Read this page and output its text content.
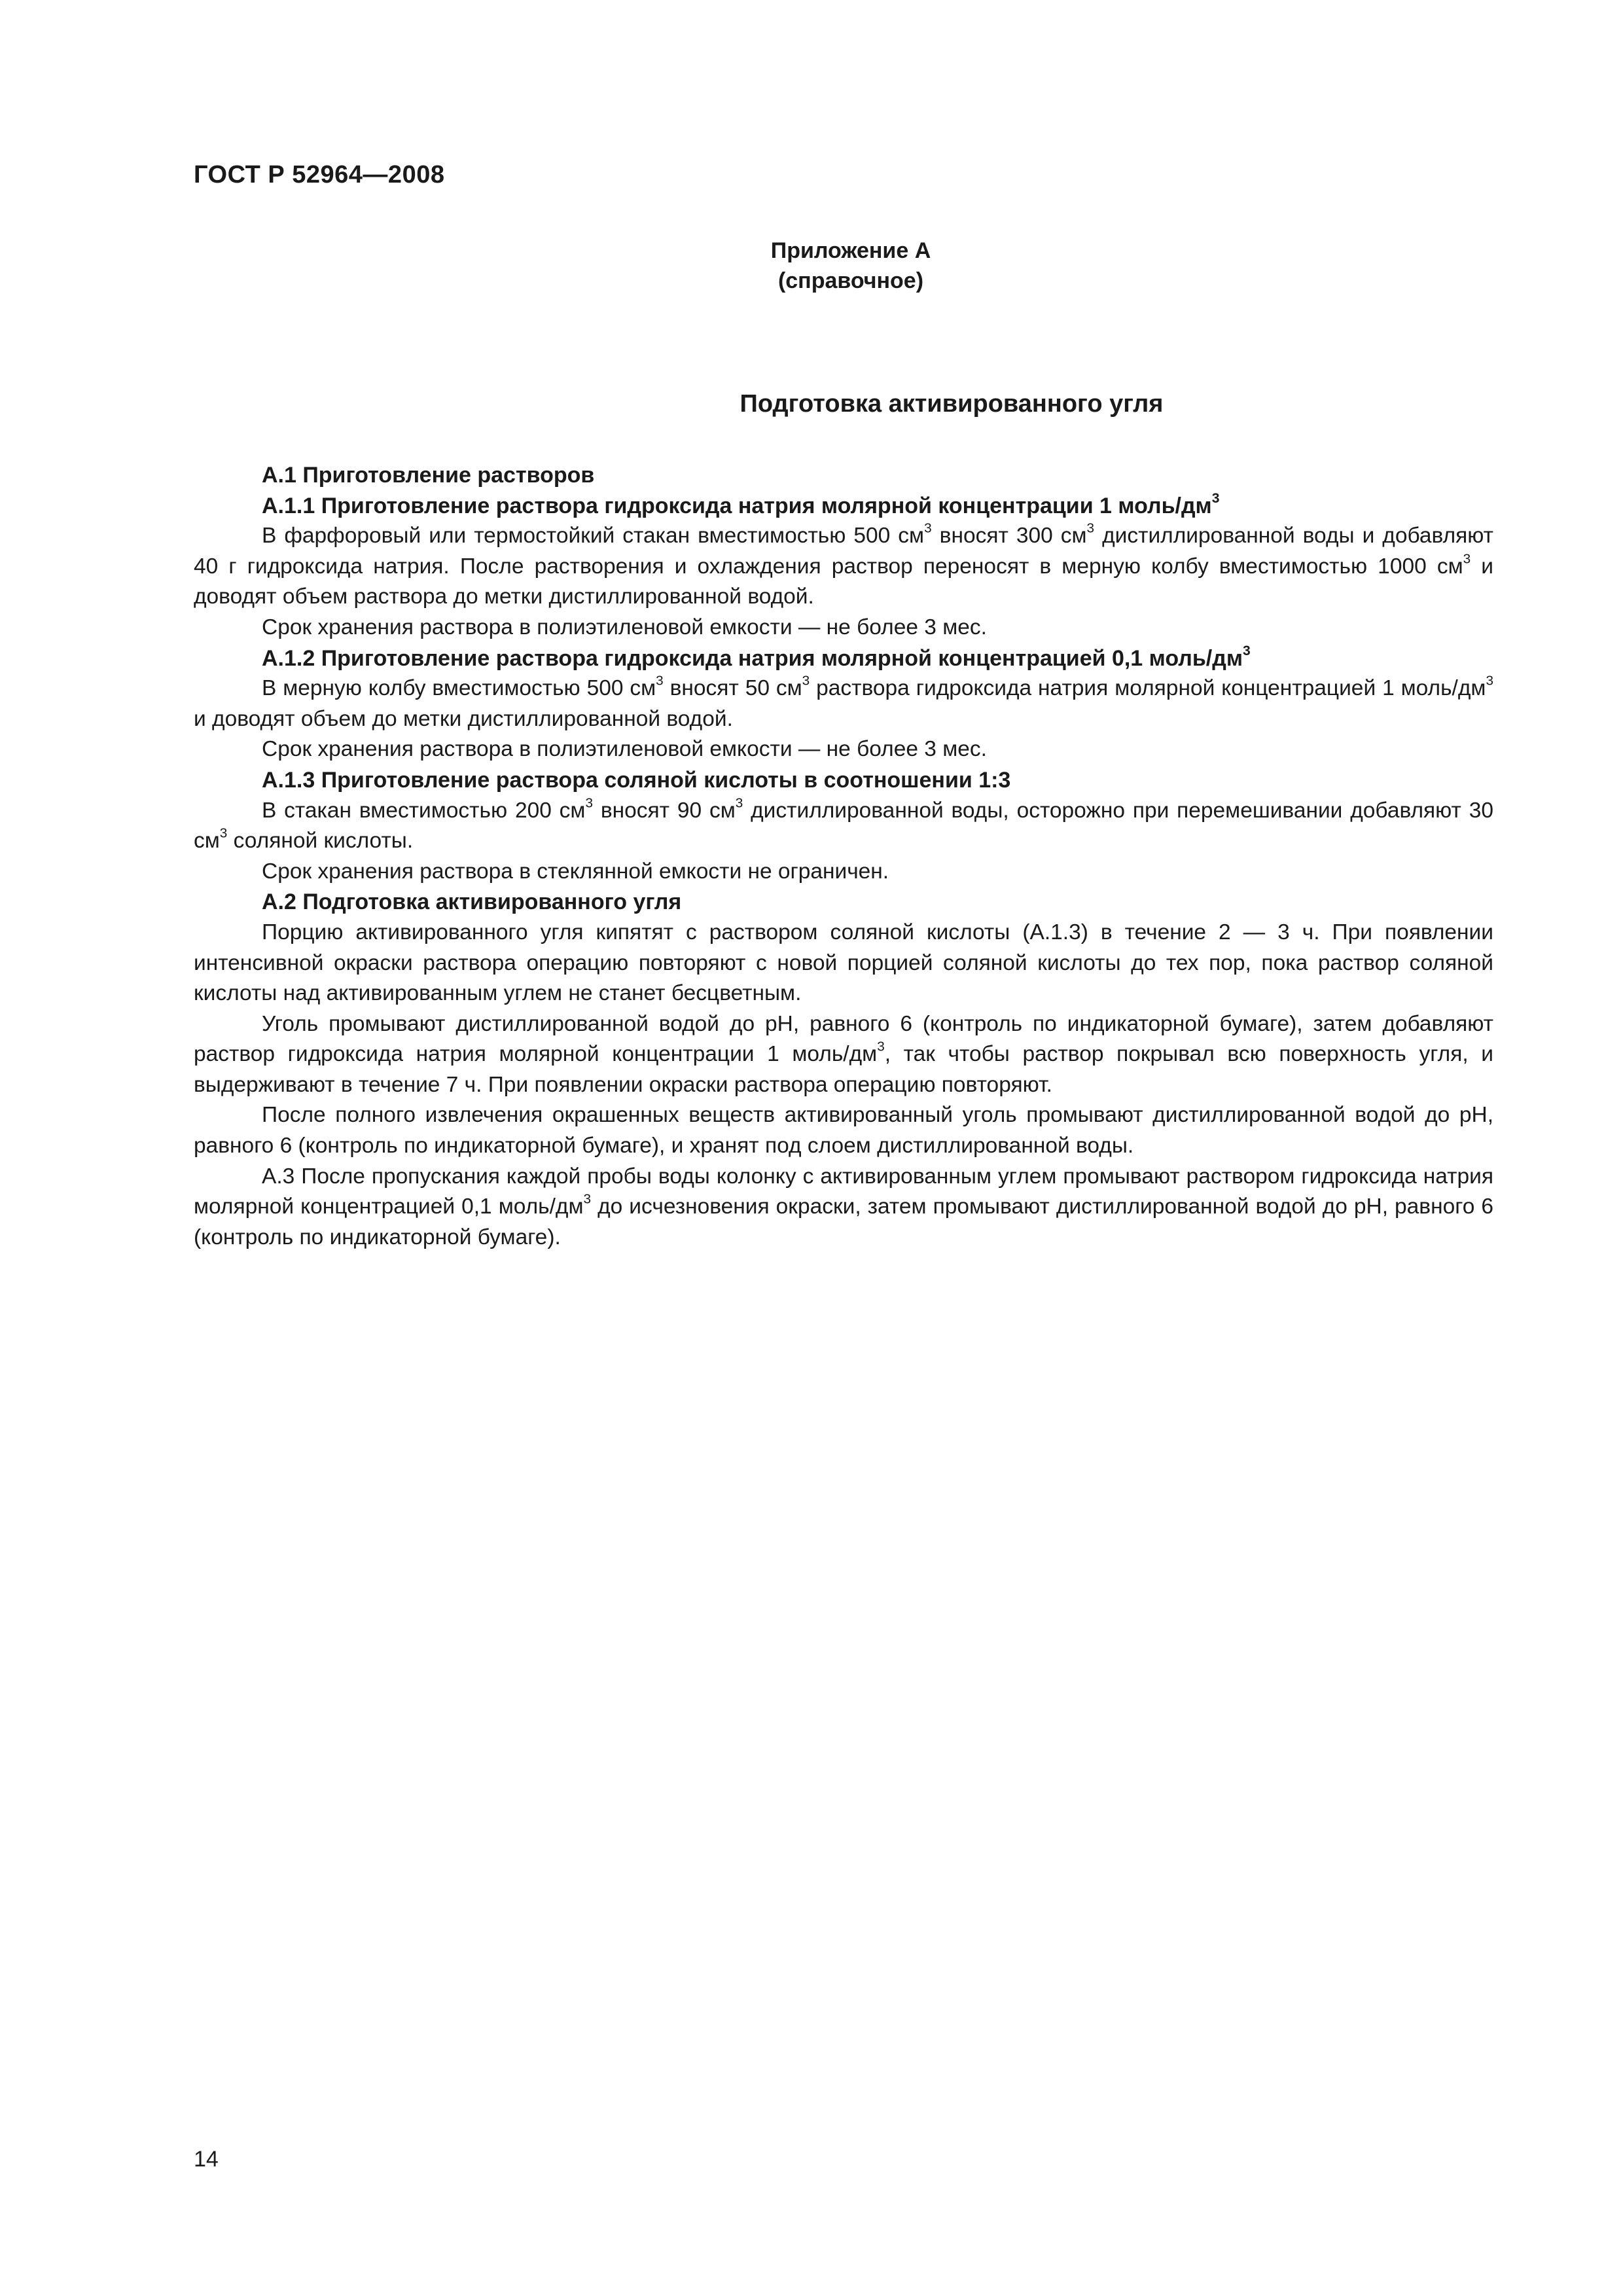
ГОСТ Р 52964—2008
Приложение А
(справочное)
Подготовка активированного угля
А.1 Приготовление растворов
А.1.1 Приготовление раствора гидроксида натрия молярной концентрации 1 моль/$дм^3$

В фарфоровый или термостойкий стакан вместимостью 500 $см^3$ вносят 300 $см^3$ дистиллированной воды и добавляют 40 г гидроксида натрия. После растворения и охлаждения раствор переносят в мерную колбу вместимостью 1000 $см^3$ и доводят объем раствора до метки дистиллированной водой.

Срок хранения раствора в полиэтиленовой емкости — не более 3 мес.

А.1.2 Приготовление раствора гидроксида натрия молярной концентрацией 0,1 моль/$дм^3$

В мерную колбу вместимостью 500 $см^3$ вносят 50 $см^3$ раствора гидроксида натрия молярной концентрацией 1 моль/$дм^3$ и доводят объем до метки дистиллированной водой.

Срок хранения раствора в полиэтиленовой емкости — не более 3 мес.

А.1.3 Приготовление раствора соляной кислоты в соотношении 1:3

В стакан вместимостью 200 $см^3$ вносят 90 $см^3$ дистиллированной воды, осторожно при перемешивании добавляют 30 $см^3$ соляной кислоты.

Срок хранения раствора в стеклянной емкости не ограничен.

А.2 Подготовка активированного угля

Порцию активированного угля кипятят с раствором соляной кислоты (А.1.3) в течение 2 — 3 ч. При появлении интенсивной окраски раствора операцию повторяют с новой порцией соляной кислоты до тех пор, пока раствор соляной кислоты над активированным углем не станет бесцветным.

Уголь промывают дистиллированной водой до pH, равного 6 (контроль по индикаторной бумаге), затем добавляют раствор гидроксида натрия молярной концентрации 1 моль/$дм^3$, так чтобы раствор покрывал всю поверхность угля, и выдерживают в течение 7 ч. При появлении окраски раствора операцию повторяют.

После полного извлечения окрашенных веществ активированный уголь промывают дистиллированной водой до pH, равного 6 (контроль по индикаторной бумаге), и хранят под слоем дистиллированной воды.

А.3 После пропускания каждой пробы воды колонку с активированным углем промывают раствором гидроксида натрия молярной концентрацией 0,1 моль/$дм^3$ до исчезновения окраски, затем промывают дистиллированной водой до pH, равного 6 (контроль по индикаторной бумаге).

14
